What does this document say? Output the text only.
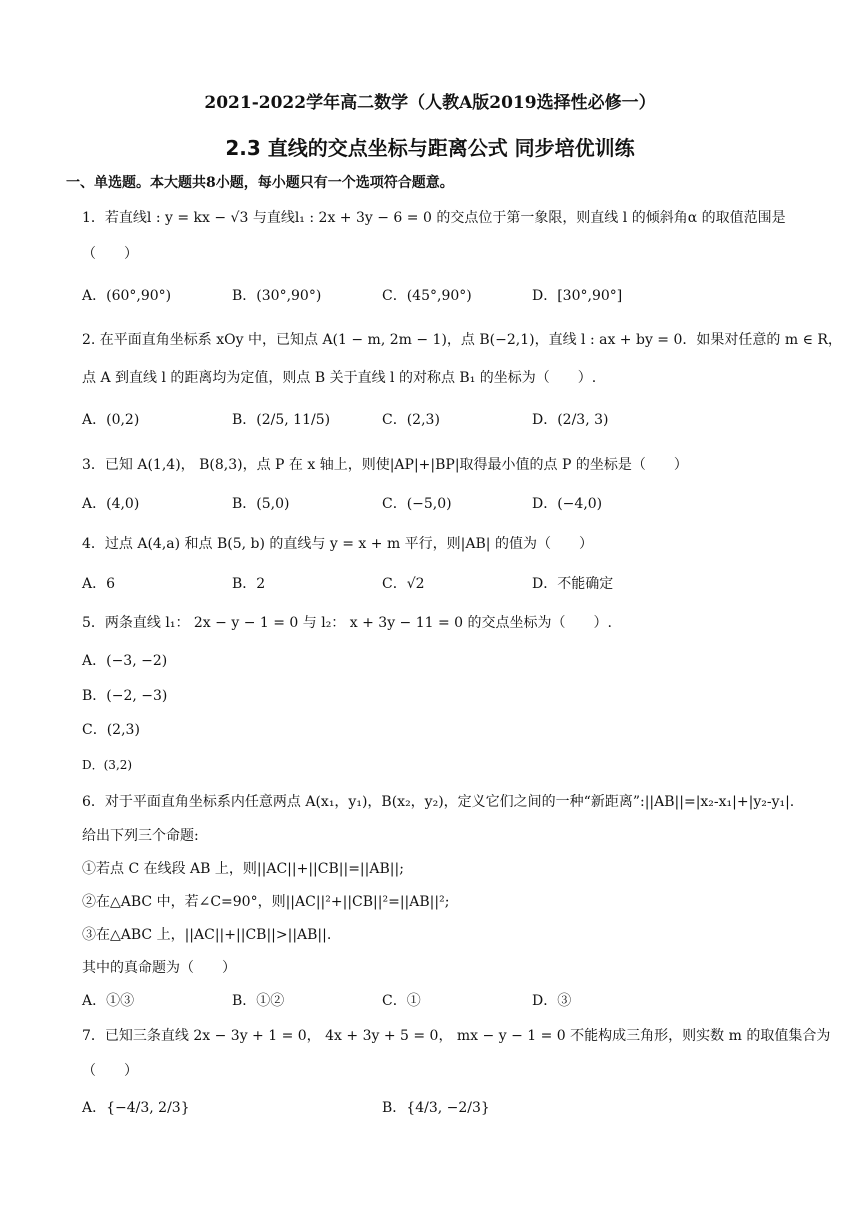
2021-2022学年高二数学（人教A版2019选择性必修一）
2.3 直线的交点坐标与距离公式 同步培优训练
一、单选题。本大题共8小题，每小题只有一个选项符合题意。
1．若直线l : y = kx − √3 与直线l₁ : 2x + 3y − 6 = 0 的交点位于第一象限，则直线 l 的倾斜角α 的取值范围是
（　　）
A．(60°,90°)	B．(30°,90°)	C．(45°,90°)	D．[30°,90°]
2. 在平面直角坐标系 xOy 中，已知点 A(1 − m, 2m − 1)，点 B(−2,1)，直线 l : ax + by = 0．如果对任意的 m ∈ R，
点 A 到直线 l 的距离均为定值，则点 B 关于直线 l 的对称点 B₁ 的坐标为（　　）.
A．(0,2)	B．(2/5, 11/5)	C．(2,3)	D．(2/3, 3)
3．已知 A(1,4)， B(8,3)，点 P 在 x 轴上，则使|AP|+|BP|取得最小值的点 P 的坐标是（　　）
A．(4,0)	B．(5,0)	C．(−5,0)	D．(−4,0)
4．过点 A(4,a) 和点 B(5, b) 的直线与 y = x + m 平行，则|AB| 的值为（　　）
A．6	B．2	C．√2	D．不能确定
5．两条直线 l₁： 2x − y − 1 = 0 与 l₂： x + 3y − 11 = 0 的交点坐标为（　　）.
A．(−3, −2)
B．(−2, −3)
C．(2,3)
D．(3,2)
6．对于平面直角坐标系内任意两点 A(x₁，y₁)，B(x₂，y₂)，定义它们之间的一种“新距离”:||AB||=|x₂-x₁|+|y₂-y₁|.
给出下列三个命题:
①若点 C 在线段 AB 上，则||AC||+||CB||=||AB||;
②在△ABC 中，若∠C=90°，则||AC||²+||CB||²=||AB||²;
③在△ABC 上，||AC||+||CB||>||AB||.
其中的真命题为（　　）
A．①③	B．①②	C．①	D．③
7．已知三条直线 2x − 3y + 1 = 0， 4x + 3y + 5 = 0， mx − y − 1 = 0 不能构成三角形，则实数 m 的取值集合为
（　　）
A．{−4/3, 2/3}	B．{4/3, −2/3}
